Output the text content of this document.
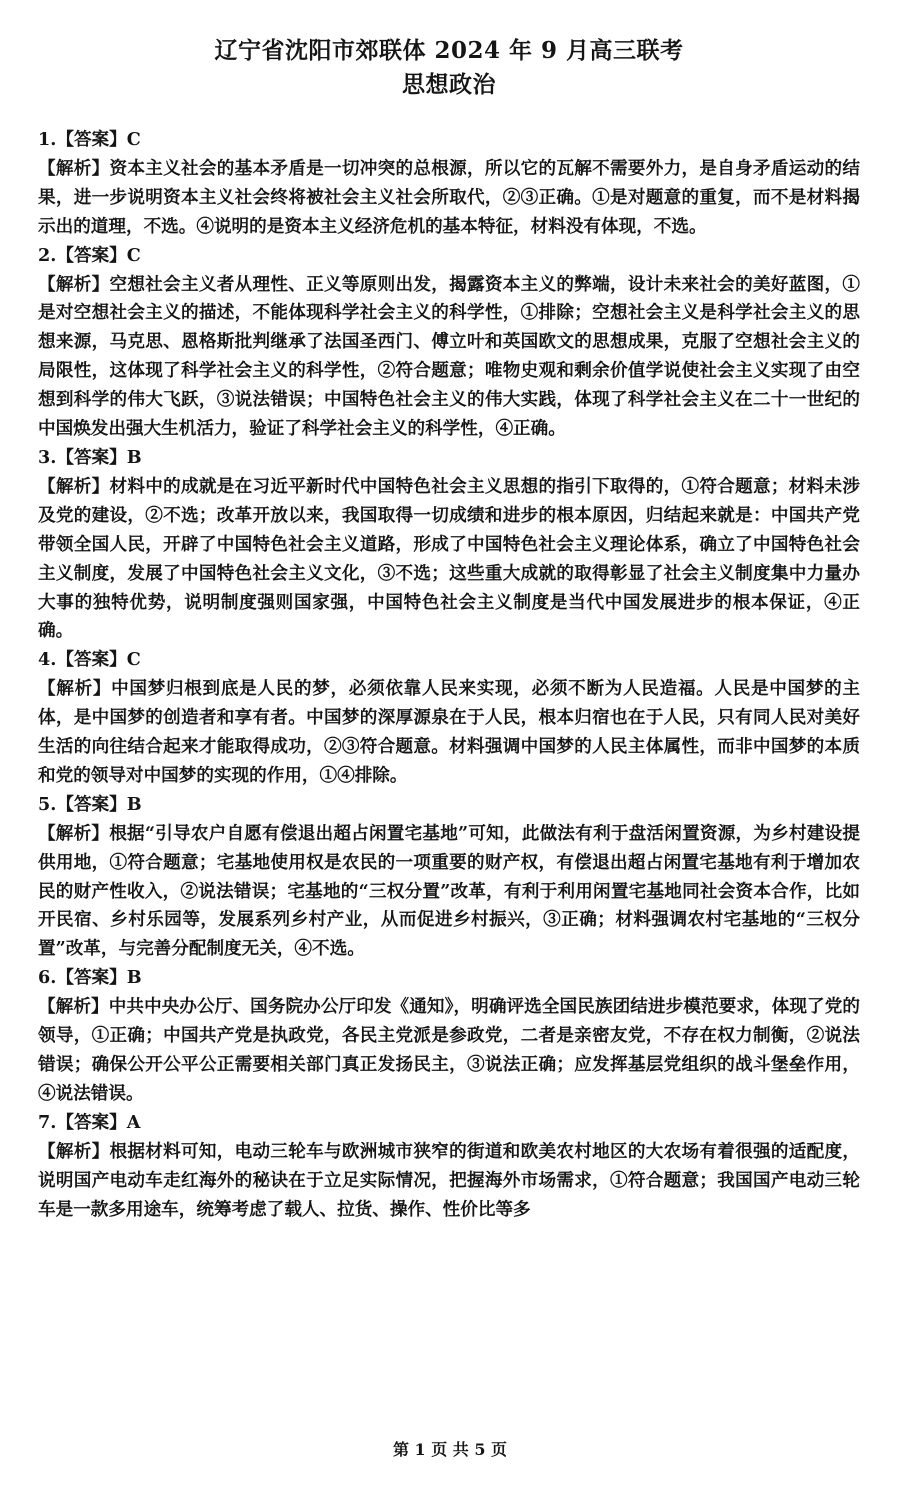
辽宁省沈阳市郊联体 2024 年 9 月高三联考
思想政治
1.【答案】C
【解析】资本主义社会的基本矛盾是一切冲突的总根源，所以它的瓦解不需要外力，是自身矛盾运动的结果，进一步说明资本主义社会终将被社会主义社会所取代，②③正确。①是对题意的重复，而不是材料揭示出的道理，不选。④说明的是资本主义经济危机的基本特征，材料没有体现，不选。
2.【答案】C
【解析】空想社会主义者从理性、正义等原则出发，揭露资本主义的弊端，设计未来社会的美好蓝图，①是对空想社会主义的描述，不能体现科学社会主义的科学性，①排除；空想社会主义是科学社会主义的思想来源，马克思、恩格斯批判继承了法国圣西门、傅立叶和英国欧文的思想成果，克服了空想社会主义的局限性，这体现了科学社会主义的科学性，②符合题意；唯物史观和剩余价值学说使社会主义实现了由空想到科学的伟大飞跃，③说法错误；中国特色社会主义的伟大实践，体现了科学社会主义在二十一世纪的中国焕发出强大生机活力，验证了科学社会主义的科学性，④正确。
3.【答案】B
【解析】材料中的成就是在习近平新时代中国特色社会主义思想的指引下取得的，①符合题意；材料未涉及党的建设，②不选；改革开放以来，我国取得一切成绩和进步的根本原因，归结起来就是：中国共产党带领全国人民，开辟了中国特色社会主义道路，形成了中国特色社会主义理论体系，确立了中国特色社会主义制度，发展了中国特色社会主义文化，③不选；这些重大成就的取得彰显了社会主义制度集中力量办大事的独特优势，说明制度强则国家强，中国特色社会主义制度是当代中国发展进步的根本保证，④正确。
4.【答案】C
【解析】中国梦归根到底是人民的梦，必须依靠人民来实现，必须不断为人民造福。人民是中国梦的主体，是中国梦的创造者和享有者。中国梦的深厚源泉在于人民，根本归宿也在于人民，只有同人民对美好生活的向往结合起来才能取得成功，②③符合题意。材料强调中国梦的人民主体属性，而非中国梦的本质和党的领导对中国梦的实现的作用，①④排除。
5.【答案】B
【解析】根据“引导农户自愿有偿退出超占闲置宅基地”可知，此做法有利于盘活闲置资源，为乡村建设提供用地，①符合题意；宅基地使用权是农民的一项重要的财产权，有偿退出超占闲置宅基地有利于增加农民的财产性收入，②说法错误；宅基地的“三权分置”改革，有利于利用闲置宅基地同社会资本合作，比如开民宿、乡村乐园等，发展系列乡村产业，从而促进乡村振兴，③正确；材料强调农村宅基地的“三权分置”改革，与完善分配制度无关，④不选。
6.【答案】B
【解析】中共中央办公厅、国务院办公厅印发《通知》，明确评选全国民族团结进步模范要求，体现了党的领导，①正确；中国共产党是执政党，各民主党派是参政党，二者是亲密友党，不存在权力制衡，②说法错误；确保公开公平公正需要相关部门真正发扬民主，③说法正确；应发挥基层党组织的战斗堡垒作用，④说法错误。
7.【答案】A
【解析】根据材料可知，电动三轮车与欧洲城市狭窄的街道和欧美农村地区的大农场有着很强的适配度，说明国产电动车走红海外的秘诀在于立足实际情况，把握海外市场需求，①符合题意；我国国产电动三轮车是一款多用途车，统筹考虑了载人、拉货、操作、性价比等多
第 1 页 共 5 页
